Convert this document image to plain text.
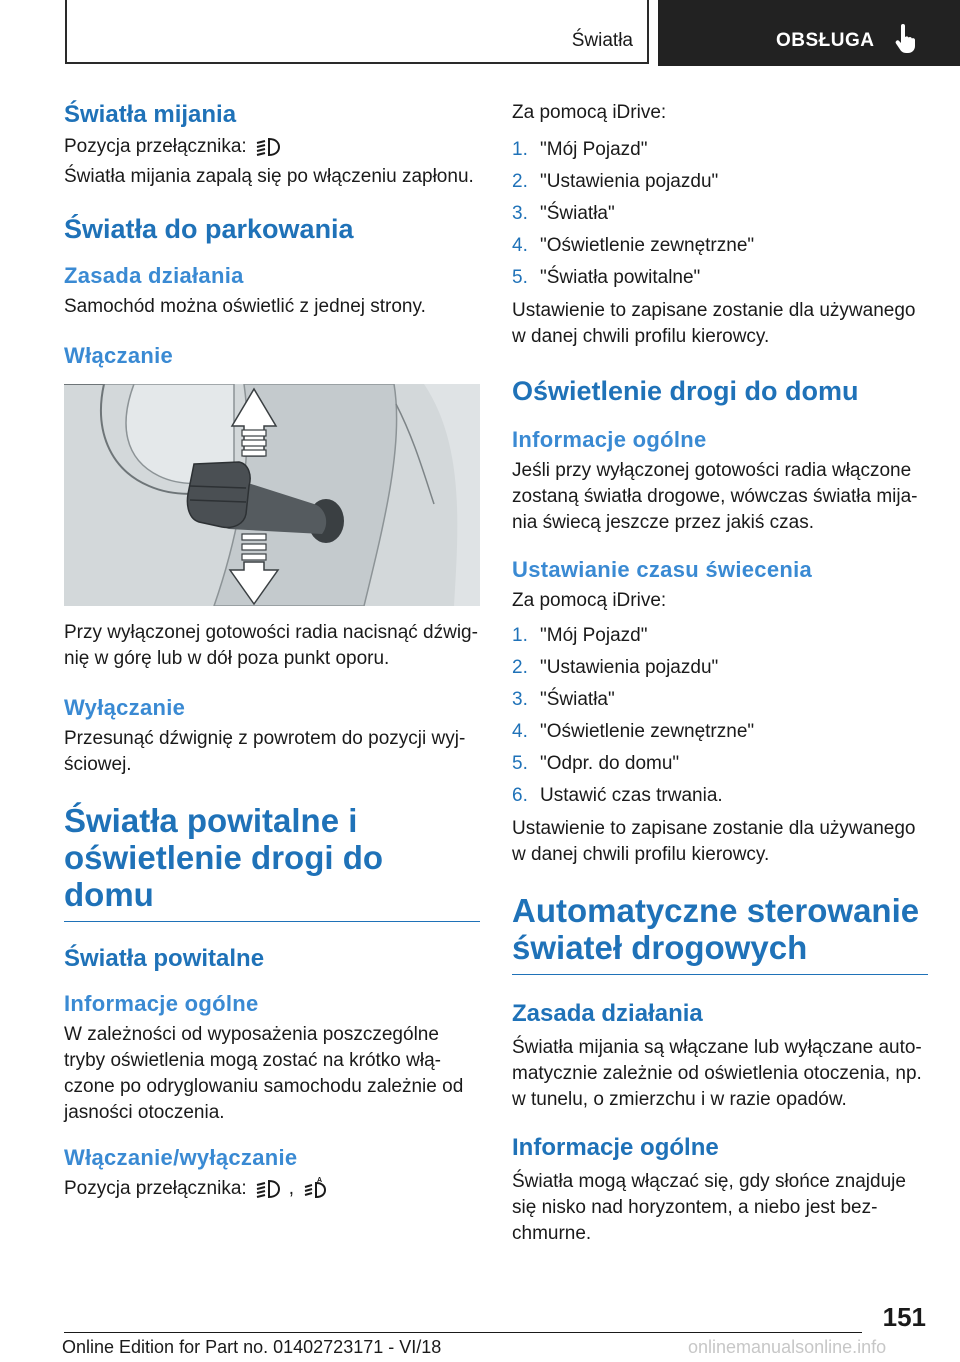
Światła	OBSŁUGA
Światła mijania

Pozycja przełącznika:

Światła mijania zapalą się po włączeniu zapłonu.

Światła do parkowania
Zasada działania

Samochód można oświetlić z jednej strony.

Włączanie

Przy wyłączonej gotowości radia nacisnąć dźwig-nię w górę lub w dół poza punkt oporu.

Wyłączanie

Przesunąć dźwignię z powrotem do pozycji wyj-ściowej.

Światła powitalne i oświetlenie drogi do domu
Światła powitalne
Informacje ogólne

W zależności od wyposażenia poszczególne tryby oświetlenia mogą zostać na krótko włą-czone po odryglowaniu samochodu zależnie od jasności otoczenia.

Włączanie/wyłączanie

Pozycja przełącznika: ,	A

Za pomocą iDrive:

1. "Mój Pojazd"
2. "Ustawienia pojazdu"
3. "Światła"
4. "Oświetlenie zewnętrzne"
5. "Światła powitalne"

Ustawienie to zapisane zostanie dla używanego w danej chwili profilu kierowcy.

Oświetlenie drogi do domu
Informacje ogólne

Jeśli przy wyłączonej gotowości radia włączone zostaną światła drogowe, wówczas światła mija-nia świecą jeszcze przez jakiś czas.

Ustawianie czasu świecenia

Za pomocą iDrive:

1. "Mój Pojazd"
2. "Ustawienia pojazdu"
3. "Światła"
4. "Oświetlenie zewnętrzne"
5. "Odpr. do domu"
6. Ustawić czas trwania.

Ustawienie to zapisane zostanie dla używanego w danej chwili profilu kierowcy.

Automatyczne sterowanie świateł drogowych
Zasada działania

Światła mijania są włączane lub wyłączane auto-matycznie zależnie od oświetlenia otoczenia, np. w tunelu, o zmierzchu i w razie opadów.

Informacje ogólne

Światła mogą włączać się, gdy słońce znajduje się nisko nad horyzontem, a niebo jest bez-chmurne.

151
Online Edition for Part no. 01402723171 - VI/18	onlinemanualsonline.info
